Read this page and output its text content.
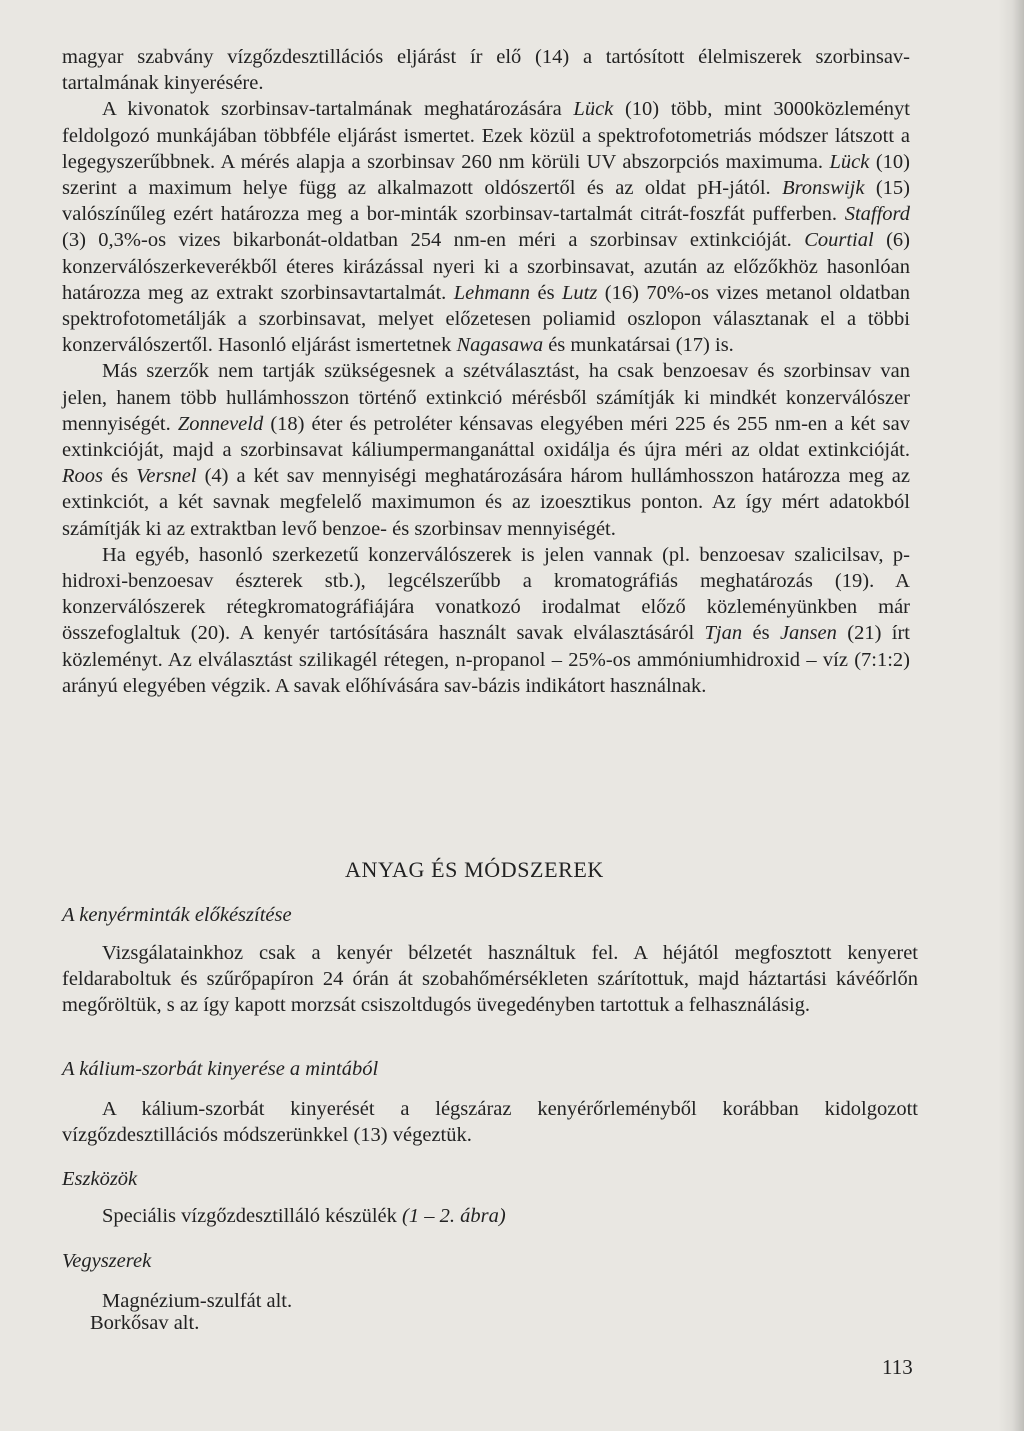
magyar szabvány vízgőzdesztillációs eljárást ír elő (14) a tartósított élelmiszerek szorbinsav-tartalmának kinyerésére.

A kivonatok szorbinsav-tartalmának meghatározására Lück (10) több, mint 3000közleményt feldolgozó munkájában többféle eljárást ismertet. Ezek közül a spektrofotometriás módszer látszott a legegyszerűbbnek. A mérés alapja a szorbinsav 260 nm körüli UV abszorpciós maximuma. Lück (10) szerint a maximum helye függ az alkalmazott oldószertől és az oldat pH-jától. Bronswijk (15) valószínűleg ezért határozza meg a bor-minták szorbinsav-tartalmát citrát-foszfát pufferben. Stafford (3) 0,3%-os vizes bikarbonát-oldatban 254 nm-en méri a szorbinsav extinkcióját. Courtial (6) konzerválószerkeverékből éteres kirázással nyeri ki a szorbinsavat, azután az előzőkhöz hasonlóan határozza meg az extrakt szorbinsavtartalmát. Lehmann és Lutz (16) 70%-os vizes metanol oldatban spektrofotometálják a szorbinsavat, melyet előzetesen poliamid oszlopon választanak el a többi konzerválószertől. Hasonló eljárást ismertetnek Nagasawa és munkatársai (17) is.

Más szerzők nem tartják szükségesnek a szétválasztást, ha csak benzoesav és szorbinsav van jelen, hanem több hullámhosszon történő extinkció mérésből számítják ki mindkét konzerválószer mennyiségét. Zonneveld (18) éter és petroléter kénsavas elegyében méri 225 és 255 nm-en a két sav extinkcióját, majd a szorbinsavat káliumpermanganáttal oxidálja és újra méri az oldat extinkcióját. Roos és Versnel (4) a két sav mennyiségi meghatározására három hullámhosszon határozza meg az extinkciót, a két savnak megfelelő maximumon és az izoesztikus ponton. Az így mért adatokból számítják ki az extraktban levő benzoe- és szorbinsav mennyiségét.

Ha egyéb, hasonló szerkezetű konzerválószerek is jelen vannak (pl. benzoesav szalicilsav, p-hidroxi-benzoesav észterek stb.), legcélszerűbb a kromatográfiás meghatározás (19). A konzerválószerek rétegkromatográfiájára vonatkozó irodalmat előző közleményünkben már összefoglaltuk (20). A kenyér tartósítására használt savak elválasztásáról Tjan és Jansen (21) írt közleményt. Az elválasztást szilikagél rétegen, n-propanol – 25%-os ammóniumhidroxid – víz (7:1:2) arányú elegyében végzik. A savak előhívására sav-bázis indikátort használnak.

ANYAG ÉS MÓDSZEREK
A kenyérminták előkészítése

Vizsgálatainkhoz csak a kenyér bélzetét használtuk fel. A héjától megfosztott kenyeret feldaraboltuk és szűrőpapíron 24 órán át szobahőmérsékleten szárítottuk, majd háztartási kávéőrlőn megőröltük, s az így kapott morzsát csiszoltdugós üvegedényben tartottuk a felhasználásig.

A kálium-szorbát kinyerése a mintából

A kálium-szorbát kinyerését a légszáraz kenyérőrleményből korábban kidolgozott vízgőzdesztillációs módszerünkkel (13) végeztük.

Eszközök

Speciális vízgőzdesztilláló készülék (1 – 2. ábra)

Vegyszerek

Magnézium-szulfát alt.

Borkősav alt.

113
